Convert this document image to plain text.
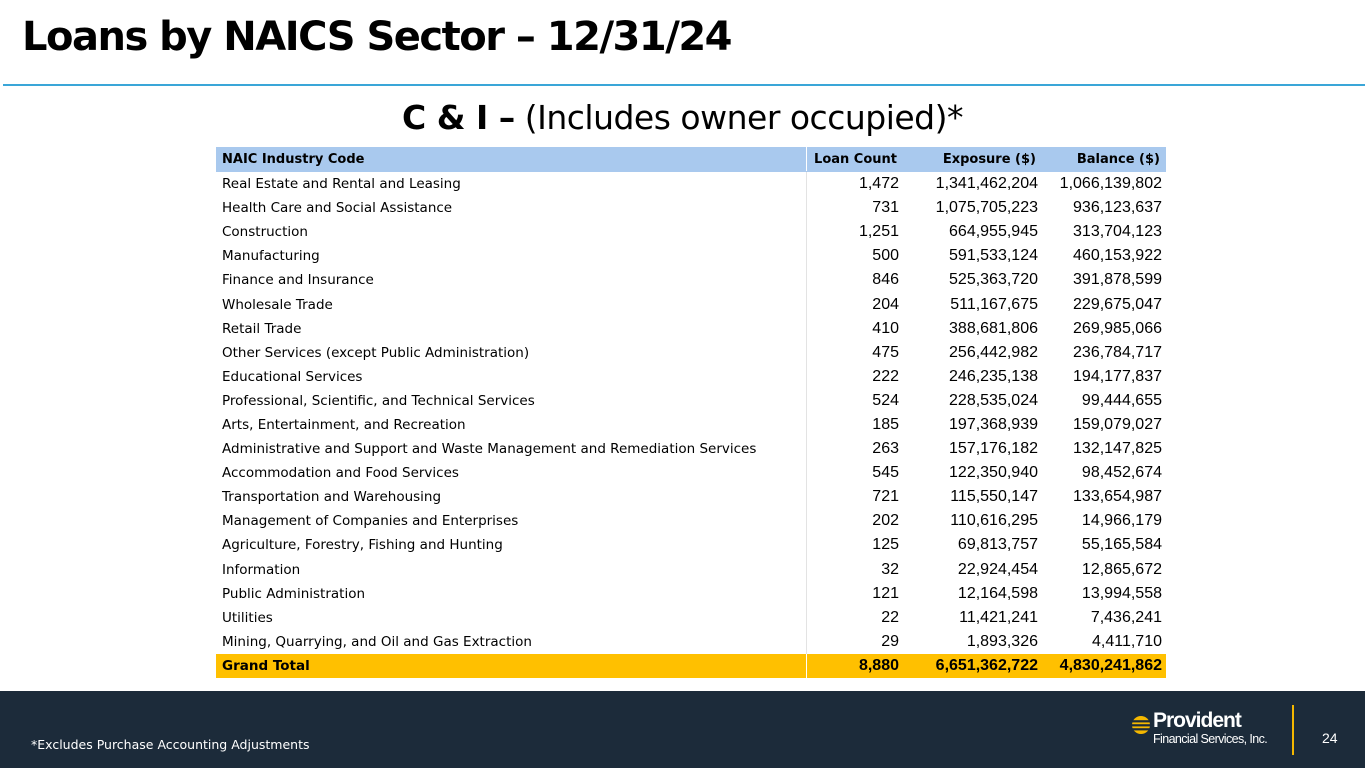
Loans by NAICS Sector – 12/31/24
C & I – (Includes owner occupied)*
NAIC Industry Code	Loan Count	Exposure ($)	Balance ($)
Real Estate and Rental and Leasing	1,472	1,341,462,204	1,066,139,802
Health Care and Social Assistance	731	1,075,705,223	936,123,637
Construction	1,251	664,955,945	313,704,123
Manufacturing	500	591,533,124	460,153,922
Finance and Insurance	846	525,363,720	391,878,599
Wholesale Trade	204	511,167,675	229,675,047
Retail Trade	410	388,681,806	269,985,066
Other Services (except Public Administration)	475	256,442,982	236,784,717
Educational Services	222	246,235,138	194,177,837
Professional, Scientific, and Technical Services	524	228,535,024	99,444,655
Arts, Entertainment, and Recreation	185	197,368,939	159,079,027
Administrative and Support and Waste Management and Remediation Services	263	157,176,182	132,147,825
Accommodation and Food Services	545	122,350,940	98,452,674
Transportation and Warehousing	721	115,550,147	133,654,987
Management of Companies and Enterprises	202	110,616,295	14,966,179
Agriculture, Forestry, Fishing and Hunting	125	69,813,757	55,165,584
Information	32	22,924,454	12,865,672
Public Administration	121	12,164,598	13,994,558
Utilities	22	11,421,241	7,436,241
Mining, Quarrying, and Oil and Gas Extraction	29	1,893,326	4,411,710
Grand Total	8,880	6,651,362,722	4,830,241,862
*Excludes Purchase Accounting Adjustments
Provident
Financial Services, Inc.	24
